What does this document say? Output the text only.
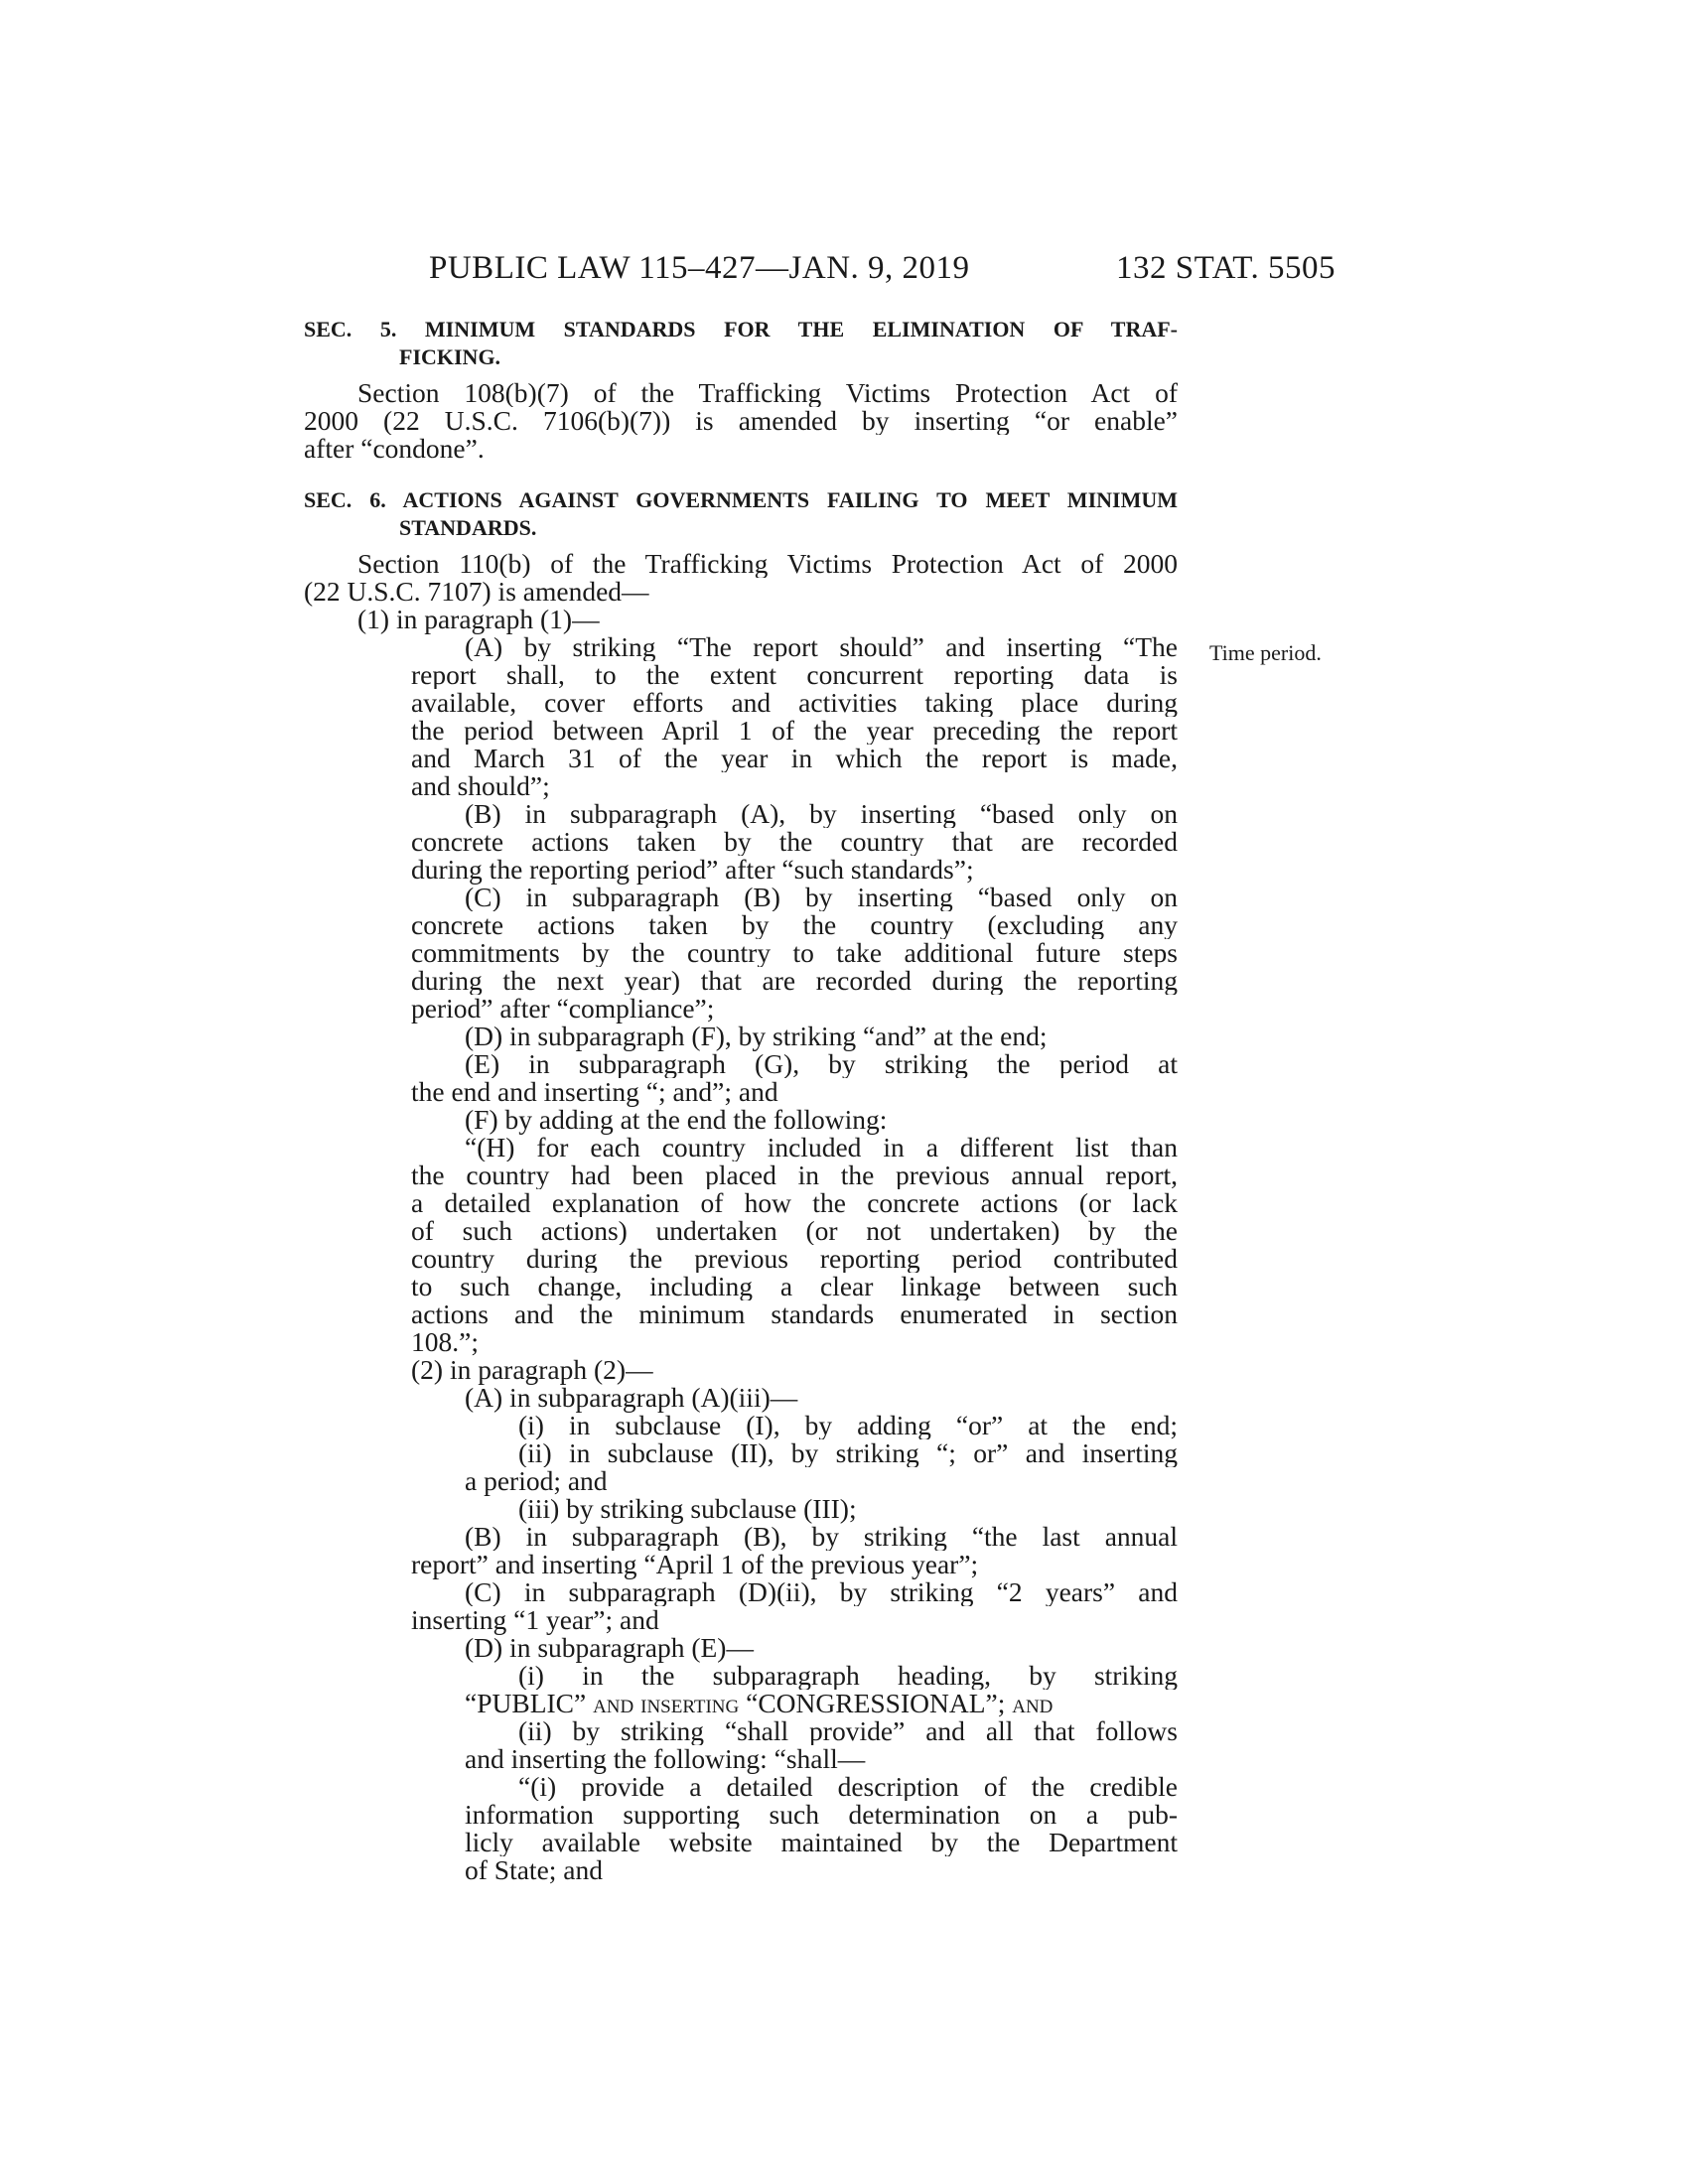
PUBLIC LAW 115–427—JAN. 9, 2019	132 STAT. 5505
SEC. 5. MINIMUM STANDARDS FOR THE ELIMINATION OF TRAF-
FICKING.
Section 108(b)(7) of the Trafficking Victims Protection Act of
2000 (22 U.S.C. 7106(b)(7)) is amended by inserting “or enable”
after “condone”.
SEC. 6. ACTIONS AGAINST GOVERNMENTS FAILING TO MEET MINIMUM
STANDARDS.
Time period.
Section 110(b) of the Trafficking Victims Protection Act of 2000
(22 U.S.C. 7107) is amended—
(1) in paragraph (1)—
(A) by striking “The report should” and inserting “The
report shall, to the extent concurrent reporting data is
available, cover efforts and activities taking place during
the period between April 1 of the year preceding the report
and March 31 of the year in which the report is made,
and should”;
(B) in subparagraph (A), by inserting “based only on
concrete actions taken by the country that are recorded
during the reporting period” after “such standards”;
(C) in subparagraph (B) by inserting “based only on
concrete actions taken by the country (excluding any
commitments by the country to take additional future steps
during the next year) that are recorded during the reporting
period” after “compliance”;
(D) in subparagraph (F), by striking “and” at the end;
(E) in subparagraph (G), by striking the period at
the end and inserting “; and”; and
(F) by adding at the end the following:
“(H) for each country included in a different list than
the country had been placed in the previous annual report,
a detailed explanation of how the concrete actions (or lack
of such actions) undertaken (or not undertaken) by the
country during the previous reporting period contributed
to such change, including a clear linkage between such
actions and the minimum standards enumerated in section
108.”;
(2) in paragraph (2)—
(A) in subparagraph (A)(iii)—
(i) in subclause (I), by adding “or” at the end;
(ii) in subclause (II), by striking “; or” and inserting
a period; and
(iii) by striking subclause (III);
(B) in subparagraph (B), by striking “the last annual
report” and inserting “April 1 of the previous year”;
(C) in subparagraph (D)(ii), by striking “2 years” and
inserting “1 year”; and
(D) in subparagraph (E)—
(i) in the subparagraph heading, by striking
“PUBLIC” and inserting “CONGRESSIONAL”; and
(ii) by striking “shall provide” and all that follows
and inserting the following: “shall—
“(i) provide a detailed description of the credible
information supporting such determination on a pub-
licly available website maintained by the Department
of State; and
